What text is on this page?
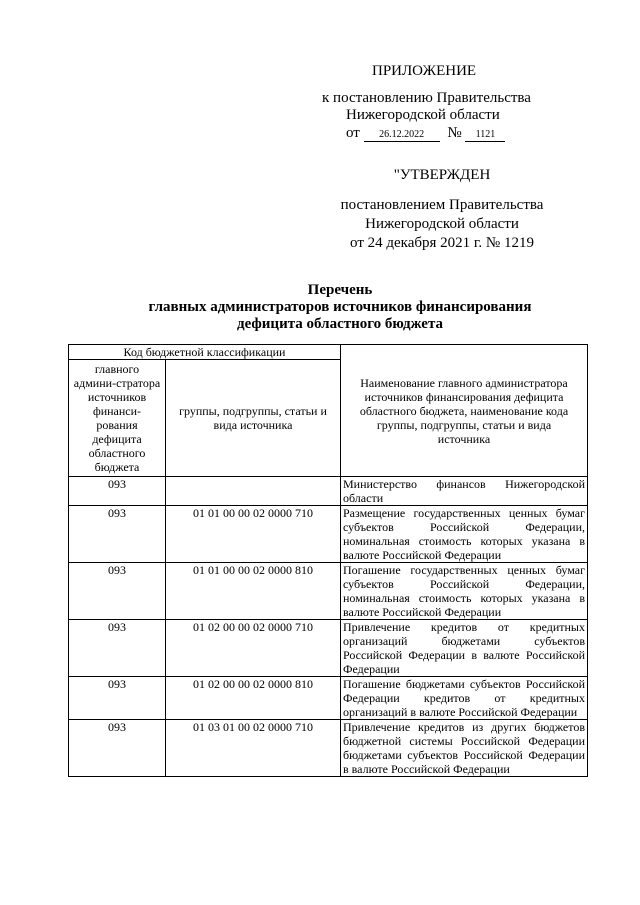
ПРИЛОЖЕНИЕ
к постановлению Правительства
Нижегородской области
от 26.12.2022 № 1121
"УТВЕРЖДЕН
постановлением Правительства
Нижегородской области
от 24 декабря 2021 г. № 1219
Перечень
главных администраторов источников финансирования
дефицита областного бюджета
Код бюджетной классификации		Наименование главного администратора источников финансирования дефицита областного бюджета, наименование кода группы, подгруппы, статьи и вида источника
главного админи-стратора источников финанси-рования дефицита областного бюджета	группы, подгруппы, статьи и вида источника	
093		Министерство финансов Нижегородской области
093	01 01 00 00 02 0000 710	Размещение государственных ценных бумаг субъектов Российской Федерации, номинальная стоимость которых указана в валюте Российской Федерации
093	01 01 00 00 02 0000 810	Погашение государственных ценных бумаг субъектов Российской Федерации, номинальная стоимость которых указана в валюте Российской Федерации
093	01 02 00 00 02 0000 710	Привлечение кредитов от кредитных организаций бюджетами субъектов Российской Федерации в валюте Российской Федерации
093	01 02 00 00 02 0000 810	Погашение бюджетами субъектов Российской Федерации кредитов от кредитных организаций в валюте Российской Федерации
093	01 03 01 00 02 0000 710	Привлечение кредитов из других бюджетов бюджетной системы Российской Федерации бюджетами субъектов Российской Федерации в валюте Российской Федерации
